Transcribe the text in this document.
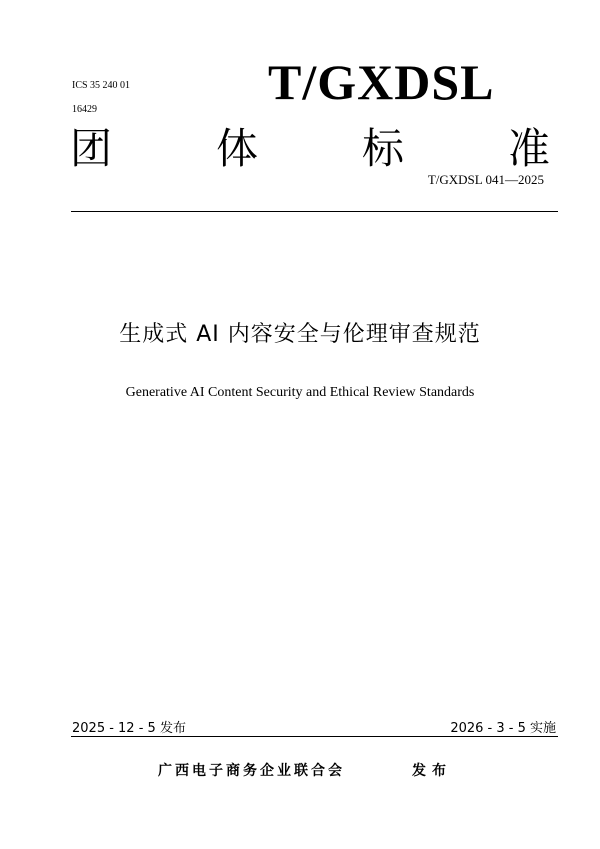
ICS 35 240 01
16429	T/GXDSL
团 体 标 准
T/GXDSL 041—2025
生成式 AI 内容安全与伦理审查规范
Generative AI Content Security and Ethical Review Standards
2025 - 12 - 5 发布	2026 - 3 - 5 实施
广西电子商务企业联合会	发布
